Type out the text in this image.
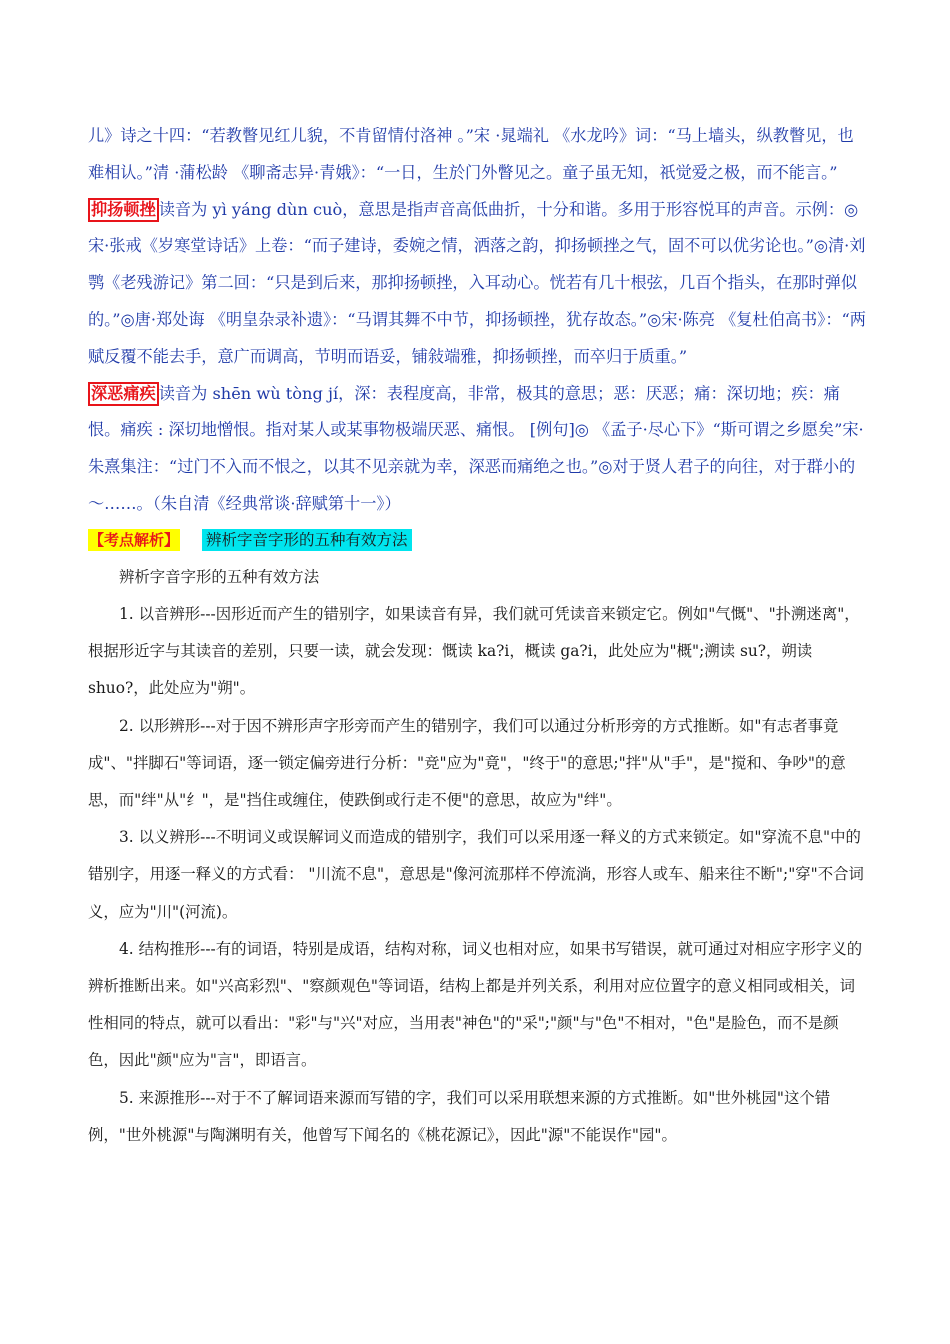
儿》诗之十四：“若教瞥见红儿貌，不肯留情付洛神 。”宋 ·晁端礼 《水龙吟》词：“马上墙头，纵教瞥见，也难相认。”清 ·蒲松龄 《聊斋志异·青娥》：“一日，生於门外瞥见之。童子虽无知，祇觉爱之极，而不能言。”

抑扬顿挫 读音为 yì yáng dùn cuò，意思是指声音高低曲折，十分和谐。多用于形容悦耳的声音。示例：◎宋·张戒《岁寒堂诗话》上卷：“而子建诗，委婉之情，洒落之韵，抑扬顿挫之气，固不可以优劣论也。”◎清·刘鹗《老残游记》第二回：“只是到后来，那抑扬顿挫，入耳动心。恍若有几十根弦，几百个指头，在那时弹似的。”◎唐·郑处诲 《明皇杂录补遗》：“马谓其舞不中节，抑扬顿挫，犹存故态。”◎宋·陈亮 《复杜伯高书》：“两赋反覆不能去手，意广而调高，节明而语妥，铺敍端雅，抑扬顿挫，而卒归于质重。”

深恶痛疾 读音为 shēn wù tòng jí，深：表程度高，非常，极其的意思；恶：厌恶；痛：深切地；疾：痛恨。痛疾 : 深切地憎恨。指对某人或某事物极端厌恶、痛恨。 [例句]◎ 《孟子·尽心下》“斯可谓之乡愿矣”宋·朱熹集注：“过门不入而不恨之，以其不见亲就为幸，深恶而痛绝之也。”◎对于贤人君子的向往，对于群小的～……。（朱自清《经典常谈·辞赋第十一》）

【考点解析】 辨析字音字形的五种有效方法

辨析字音字形的五种有效方法

1. 以音辨形---因形近而产生的错别字，如果读音有异，我们就可凭读音来锁定它。例如"气慨"、"扑溯迷离"，根据形近字与其读音的差别，只要一读，就会发现：慨读 ka?i，概读 ga?i，此处应为"概";溯读 su?，朔读 shuo?，此处应为"朔"。

2. 以形辨形---对于因不辨形声字形旁而产生的错别字，我们可以通过分析形旁的方式推断。如"有志者事竟成"、"拌脚石"等词语，逐一锁定偏旁进行分析："竞"应为"竟"，"终于"的意思;"拌"从"手"，是"搅和、争吵"的意思，而"绊"从"纟"，是"挡住或缠住，使跌倒或行走不便"的意思，故应为"绊"。

3. 以义辨形---不明词义或误解词义而造成的错别字，我们可以采用逐一释义的方式来锁定。如"穿流不息"中的错别字，用逐一释义的方式看： "川流不息"，意思是"像河流那样不停流淌，形容人或车、船来往不断";"穿"不合词义，应为"川"(河流)。

4. 结构推形---有的词语，特别是成语，结构对称，词义也相对应，如果书写错误，就可通过对相应字形字义的辨析推断出来。如"兴高彩烈"、"察颜观色"等词语，结构上都是并列关系，利用对应位置字的意义相同或相关，词性相同的特点，就可以看出："彩"与"兴"对应，当用表"神色"的"采";"颜"与"色"不相对，"色"是脸色，而不是颜色，因此"颜"应为"言"，即语言。

5. 来源推形---对于不了解词语来源而写错的字，我们可以采用联想来源的方式推断。如"世外桃园"这个错例，"世外桃源"与陶渊明有关，他曾写下闻名的《桃花源记》，因此"源"不能误作"园"。
